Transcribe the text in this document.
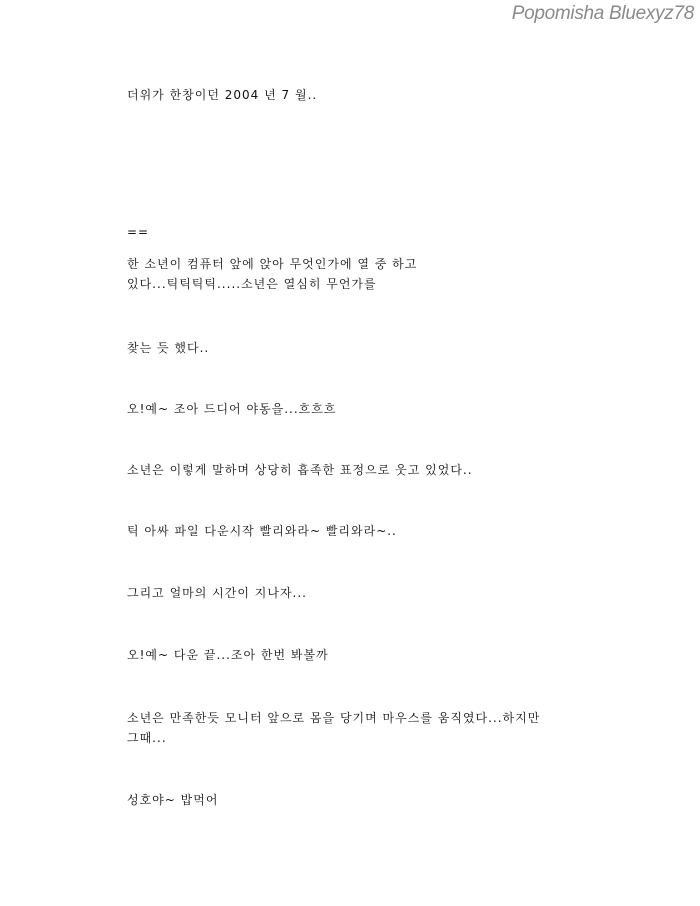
Popomisha Bluexyz78
더위가 한창이던 2004 년 7 월..
==
한 소년이 컴퓨터 앞에 앉아 무엇인가에 열 중 하고
있다...틱틱틱틱.....소년은 열심히 무언가를
찾는 듯 했다..
오!예~ 조아 드디어 야동을...흐흐흐
소년은 이렇게 말하며 상당히 흡족한 표정으로 웃고 있었다..
틱 아싸 파일 다운시작 빨리와라~ 빨리와라~..
그리고 얼마의 시간이 지나자...
오!예~ 다운 끝...조아 한번 봐볼까
소년은 만족한듯 모니터 앞으로 몸을 당기며 마우스를 움직였다...하지만
그때...
성호야~ 밥먹어
